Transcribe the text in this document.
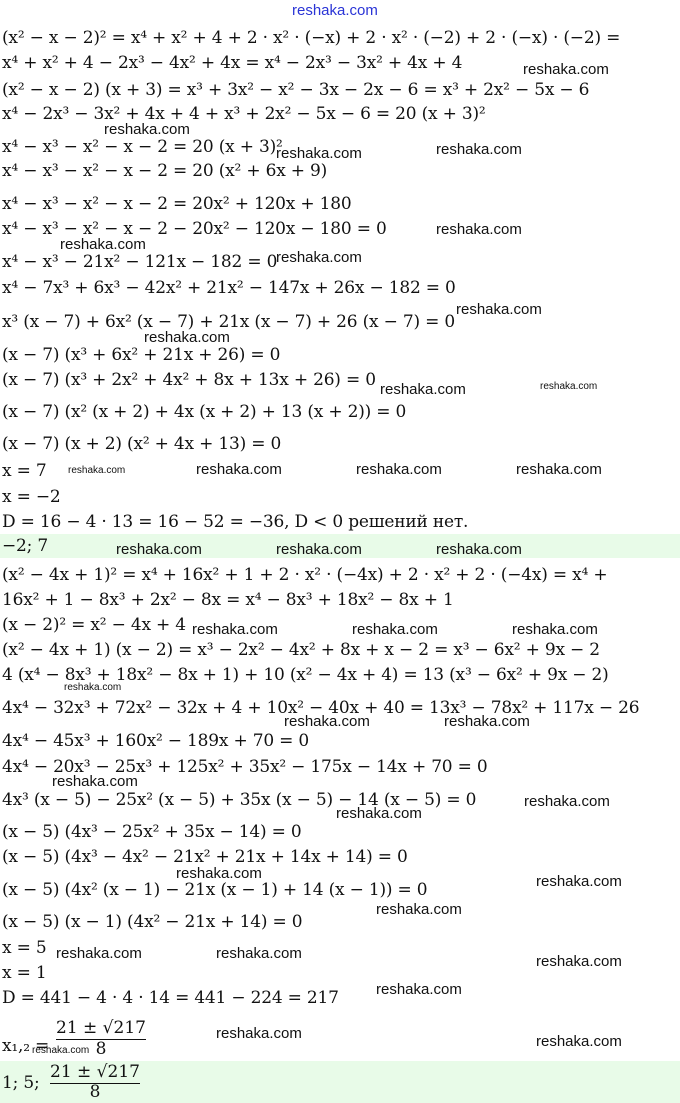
reshaka.com
(x² − x − 2)² = x⁴ + x² + 4 + 2 · x² · (−x) + 2 · x² · (−2) + 2 · (−x) · (−2) =
x⁴ + x² + 4 − 2x³ − 4x² + 4x = x⁴ − 2x³ − 3x² + 4x + 4
(x² − x − 2) (x + 3) = x³ + 3x² − x² − 3x − 2x − 6 = x³ + 2x² − 5x − 6
x⁴ − 2x³ − 3x² + 4x + 4 + x³ + 2x² − 5x − 6 = 20 (x + 3)²
x⁴ − x³ − x² − x − 2 = 20 (x + 3)²
x⁴ − x³ − x² − x − 2 = 20 (x² + 6x + 9)
x⁴ − x³ − x² − x − 2 = 20x² + 120x + 180
x⁴ − x³ − x² − x − 2 − 20x² − 120x − 180 = 0
x⁴ − x³ − 21x² − 121x − 182 = 0
x⁴ − 7x³ + 6x³ − 42x² + 21x² − 147x + 26x − 182 = 0
x³ (x − 7) + 6x² (x − 7) + 21x (x − 7) + 26 (x − 7) = 0
(x − 7) (x³ + 6x² + 21x + 26) = 0
(x − 7) (x³ + 2x² + 4x² + 8x + 13x + 26) = 0
(x − 7) (x² (x + 2) + 4x (x + 2) + 13 (x + 2)) = 0
(x − 7) (x + 2) (x² + 4x + 13) = 0
x = 7
x = −2
D = 16 − 4 · 13 = 16 − 52 = −36, D < 0 решений нет.
−2; 7
(x² − 4x + 1)² = x⁴ + 16x² + 1 + 2 · x² · (−4x) + 2 · x² + 2 · (−4x) = x⁴ +
16x² + 1 − 8x³ + 2x² − 8x = x⁴ − 8x³ + 18x² − 8x + 1
(x − 2)² = x² − 4x + 4
(x² − 4x + 1) (x − 2) = x³ − 2x² − 4x² + 8x + x − 2 = x³ − 6x² + 9x − 2
4 (x⁴ − 8x³ + 18x² − 8x + 1) + 10 (x² − 4x + 4) = 13 (x³ − 6x² + 9x − 2)
4x⁴ − 32x³ + 72x² − 32x + 4 + 10x² − 40x + 40 = 13x³ − 78x² + 117x − 26
4x⁴ − 45x³ + 160x² − 189x + 70 = 0
4x⁴ − 20x³ − 25x³ + 125x² + 35x² − 175x − 14x + 70 = 0
4x³ (x − 5) − 25x² (x − 5) + 35x (x − 5) − 14 (x − 5) = 0
(x − 5) (4x³ − 25x² + 35x − 14) = 0
(x − 5) (4x³ − 4x² − 21x² + 21x + 14x + 14) = 0
(x − 5) (4x² (x − 1) − 21x (x − 1) + 14 (x − 1)) = 0
(x − 5) (x − 1) (4x² − 21x + 14) = 0
x = 5
x = 1
D = 441 − 4 · 4 · 14 = 441 − 224 = 217
x₁,₂ =
21 ± √217
8
1; 5;
21 ± √217
8
reshaka.com
reshaka.com
reshaka.com	reshaka.com
reshaka.com
reshaka.com
reshaka.com
reshaka.com
reshaka.com
reshaka.com	reshaka.com
reshaka.com	reshaka.com	reshaka.com	reshaka.com
reshaka.com	reshaka.com	reshaka.com
reshaka.com	reshaka.com	reshaka.com
reshaka.com
reshaka.com	reshaka.com
reshaka.com
reshaka.com
reshaka.com
reshaka.com	reshaka.com
reshaka.com
reshaka.com	reshaka.com	reshaka.com
reshaka.com
reshaka.com
reshaka.com
reshaka.com
